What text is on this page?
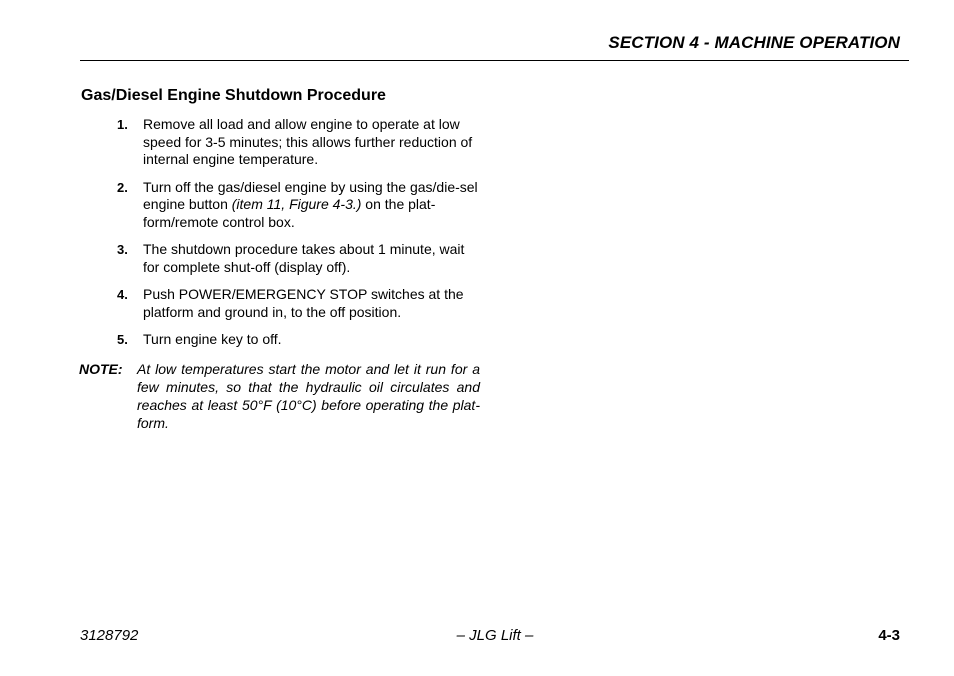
SECTION 4 - MACHINE OPERATION
Gas/Diesel Engine Shutdown Procedure
1. Remove all load and allow engine to operate at low speed for 3-5 minutes; this allows further reduction of internal engine temperature.
2. Turn off the gas/diesel engine by using the gas/die-sel engine button (item 11, Figure 4-3.) on the plat-form/remote control box.
3. The shutdown procedure takes about 1 minute, wait for complete shut-off (display off).
4. Push POWER/EMERGENCY STOP switches at the platform and ground in, to the off position.
5. Turn engine key to off.
NOTE: At low temperatures start the motor and let it run for a few minutes, so that the hydraulic oil circulates and reaches at least 50°F (10°C) before operating the plat-form.
3128792	– JLG Lift –	4-3
